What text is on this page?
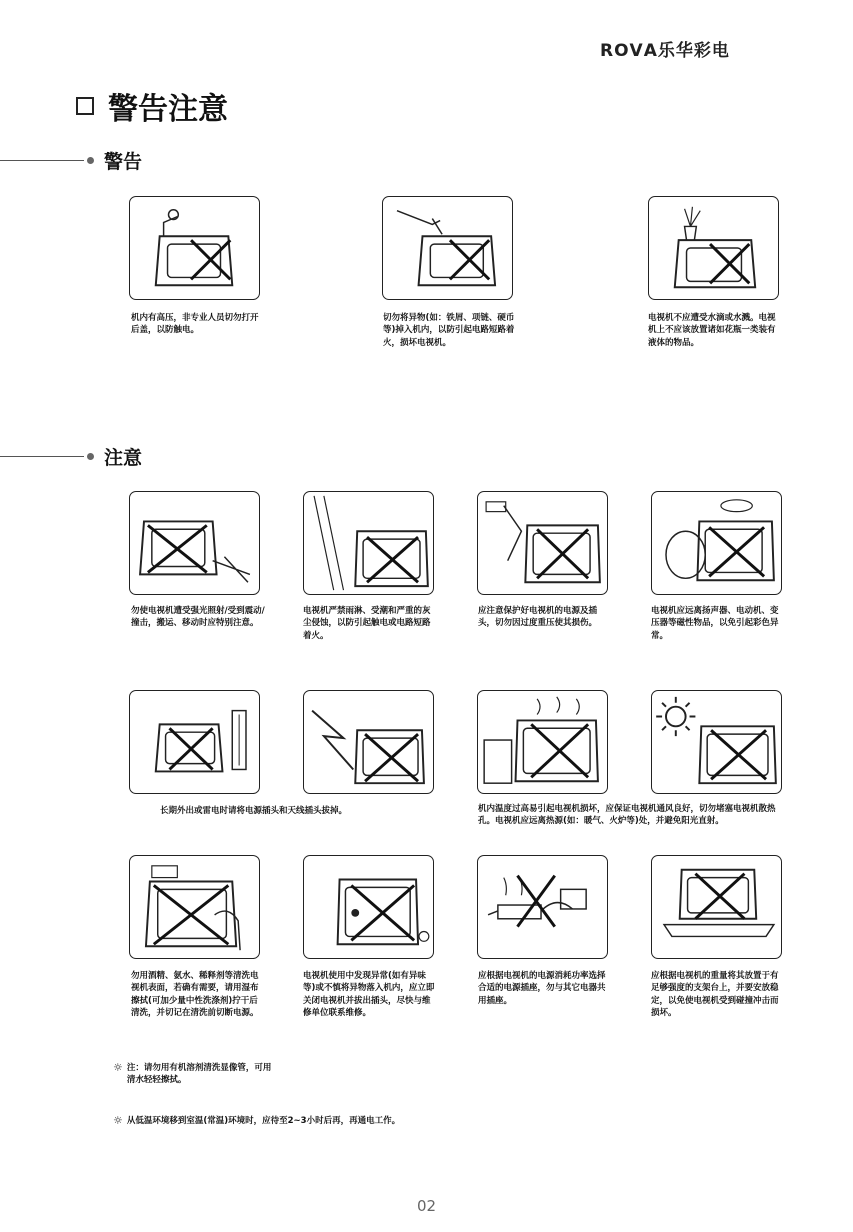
RОVА乐华彩电
警告注意
警告
注意
机内有高压，非专业人员切勿打开后盖，以防触电。
切勿将异物(如：铁屑、项链、硬币等)掉入机内，以防引起电路短路着火，损坏电视机。
电视机不应遭受水滴或水溅。电视机上不应该放置诸如花瓶一类装有液体的物品。
勿使电视机遭受强光照射/受到震动/撞击，搬运、移动时应特别注意。
电视机严禁雨淋、受潮和严重的灰尘侵蚀，以防引起触电或电路短路着火。
应注意保护好电视机的电源及插头，切勿因过度重压使其损伤。
电视机应远离扬声器、电动机、变压器等磁性物品，以免引起彩色异常。
长期外出或雷电时请将电源插头和天线插头拔掉。	机内温度过高易引起电视机损坏，应保证电视机通风良好，切勿堵塞电视机散热孔。电视机应远离热源(如：暖气、火炉等)处，并避免阳光直射。
勿用酒精、氨水、稀释剂等清洗电视机表面，若确有需要，请用湿布擦拭(可加少量中性洗涤剂)拧干后清洗，并切记在清洗前切断电源。
电视机使用中发现异常(如有异味等)或不慎将异物落入机内，应立即关闭电视机并拔出插头，尽快与维修单位联系维修。
应根据电视机的电源消耗功率选择合适的电源插座，勿与其它电器共用插座。
应根据电视机的重量将其放置于有足够强度的支架台上，并要安放稳定，以免使电视机受到碰撞冲击而损坏。
☼ 注：请勿用有机溶剂清洗显像管，可用清水轻轻擦拭。
☼ 从低温环境移到室温(常温)环境时，应待至2~3小时后再，再通电工作。
02
